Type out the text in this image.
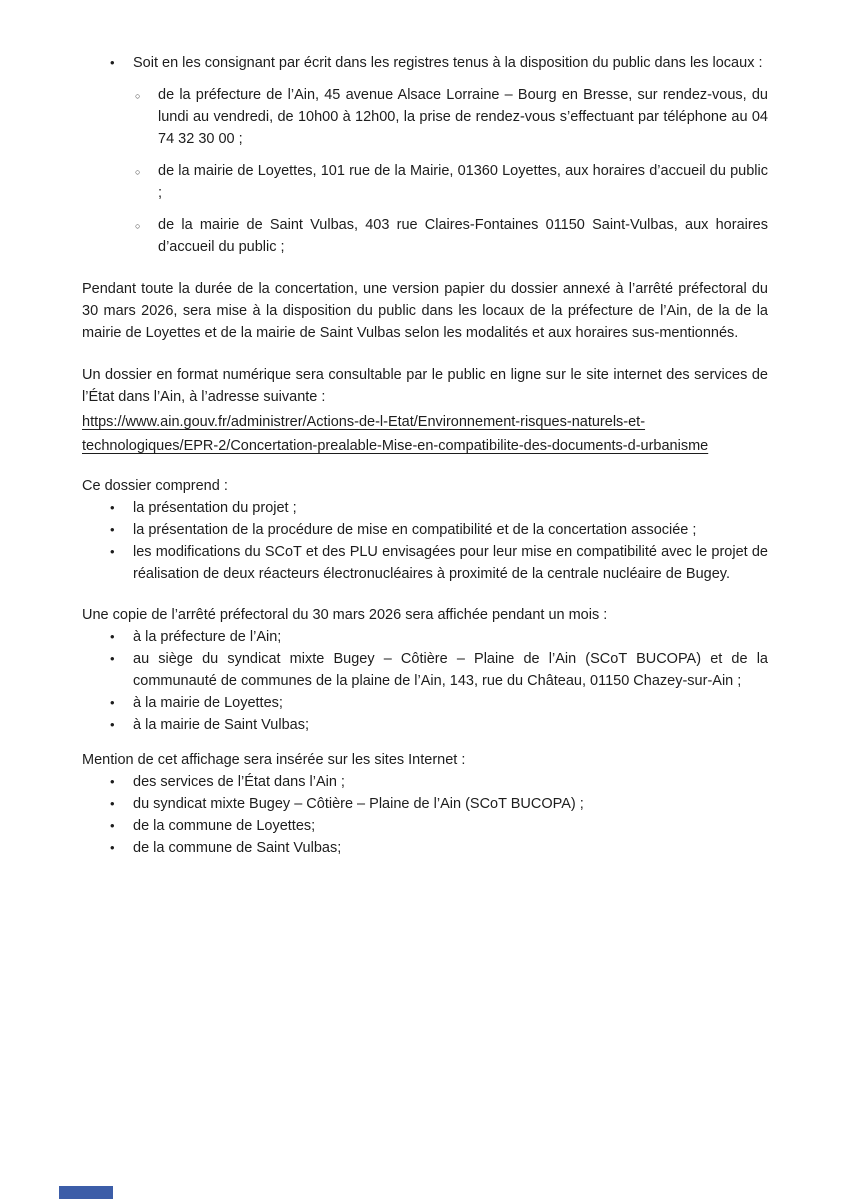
•	Soit en les consignant par écrit dans les registres tenus à la disposition du public dans les locaux :
○	de la préfecture de l’Ain, 45 avenue Alsace Lorraine – Bourg en Bresse, sur rendez-vous, du lundi au vendredi, de 10h00 à 12h00, la prise de rendez-vous s’effectuant par téléphone au 04 74 32 30 00 ;
○	de la mairie de Loyettes, 101 rue de la Mairie, 01360 Loyettes, aux horaires d’accueil du public ;
○	de la mairie de Saint Vulbas, 403 rue Claires-Fontaines 01150 Saint-Vulbas, aux horaires d’accueil du public ;

Pendant toute la durée de la concertation, une version papier du dossier annexé à l’arrêté préfectoral du 30 mars 2026, sera mise à la disposition du public dans les locaux de la préfecture de l’Ain, de la de la mairie de Loyettes et de la mairie de Saint Vulbas selon les modalités et aux horaires sus-mentionnés.

Un dossier en format numérique sera consultable par le public en ligne sur le site internet des services de l’État dans l’Ain, à l’adresse suivante :

https://www.ain.gouv.fr/administrer/Actions-de-l-Etat/Environnement-risques-naturels-et-
technologiques/EPR-2/Concertation-prealable-Mise-en-compatibilite-des-documents-d-urbanisme

Ce dossier comprend :

•	la présentation du projet ;
•	la présentation de la procédure de mise en compatibilité et de la concertation associée ;
•	les modifications du SCoT et des PLU envisagées pour leur mise en compatibilité avec le projet de réalisation de deux réacteurs électronucléaires à proximité de la centrale nucléaire de Bugey.

Une copie de l’arrêté préfectoral du 30 mars 2026 sera affichée pendant un mois :

•	à la préfecture de l’Ain;
•	au siège du syndicat mixte Bugey – Côtière – Plaine de l’Ain (SCoT BUCOPA) et de la communauté de communes de la plaine de l’Ain, 143, rue du Château, 01150 Chazey-sur-Ain ;
•	à la mairie de Loyettes;
•	à la mairie de Saint Vulbas;

Mention de cet affichage sera insérée sur les sites Internet :

•	des services de l’État dans l’Ain ;
•	du syndicat mixte Bugey – Côtière – Plaine de l’Ain (SCoT BUCOPA) ;
•	de la commune de Loyettes;
•	de la commune de Saint Vulbas;
